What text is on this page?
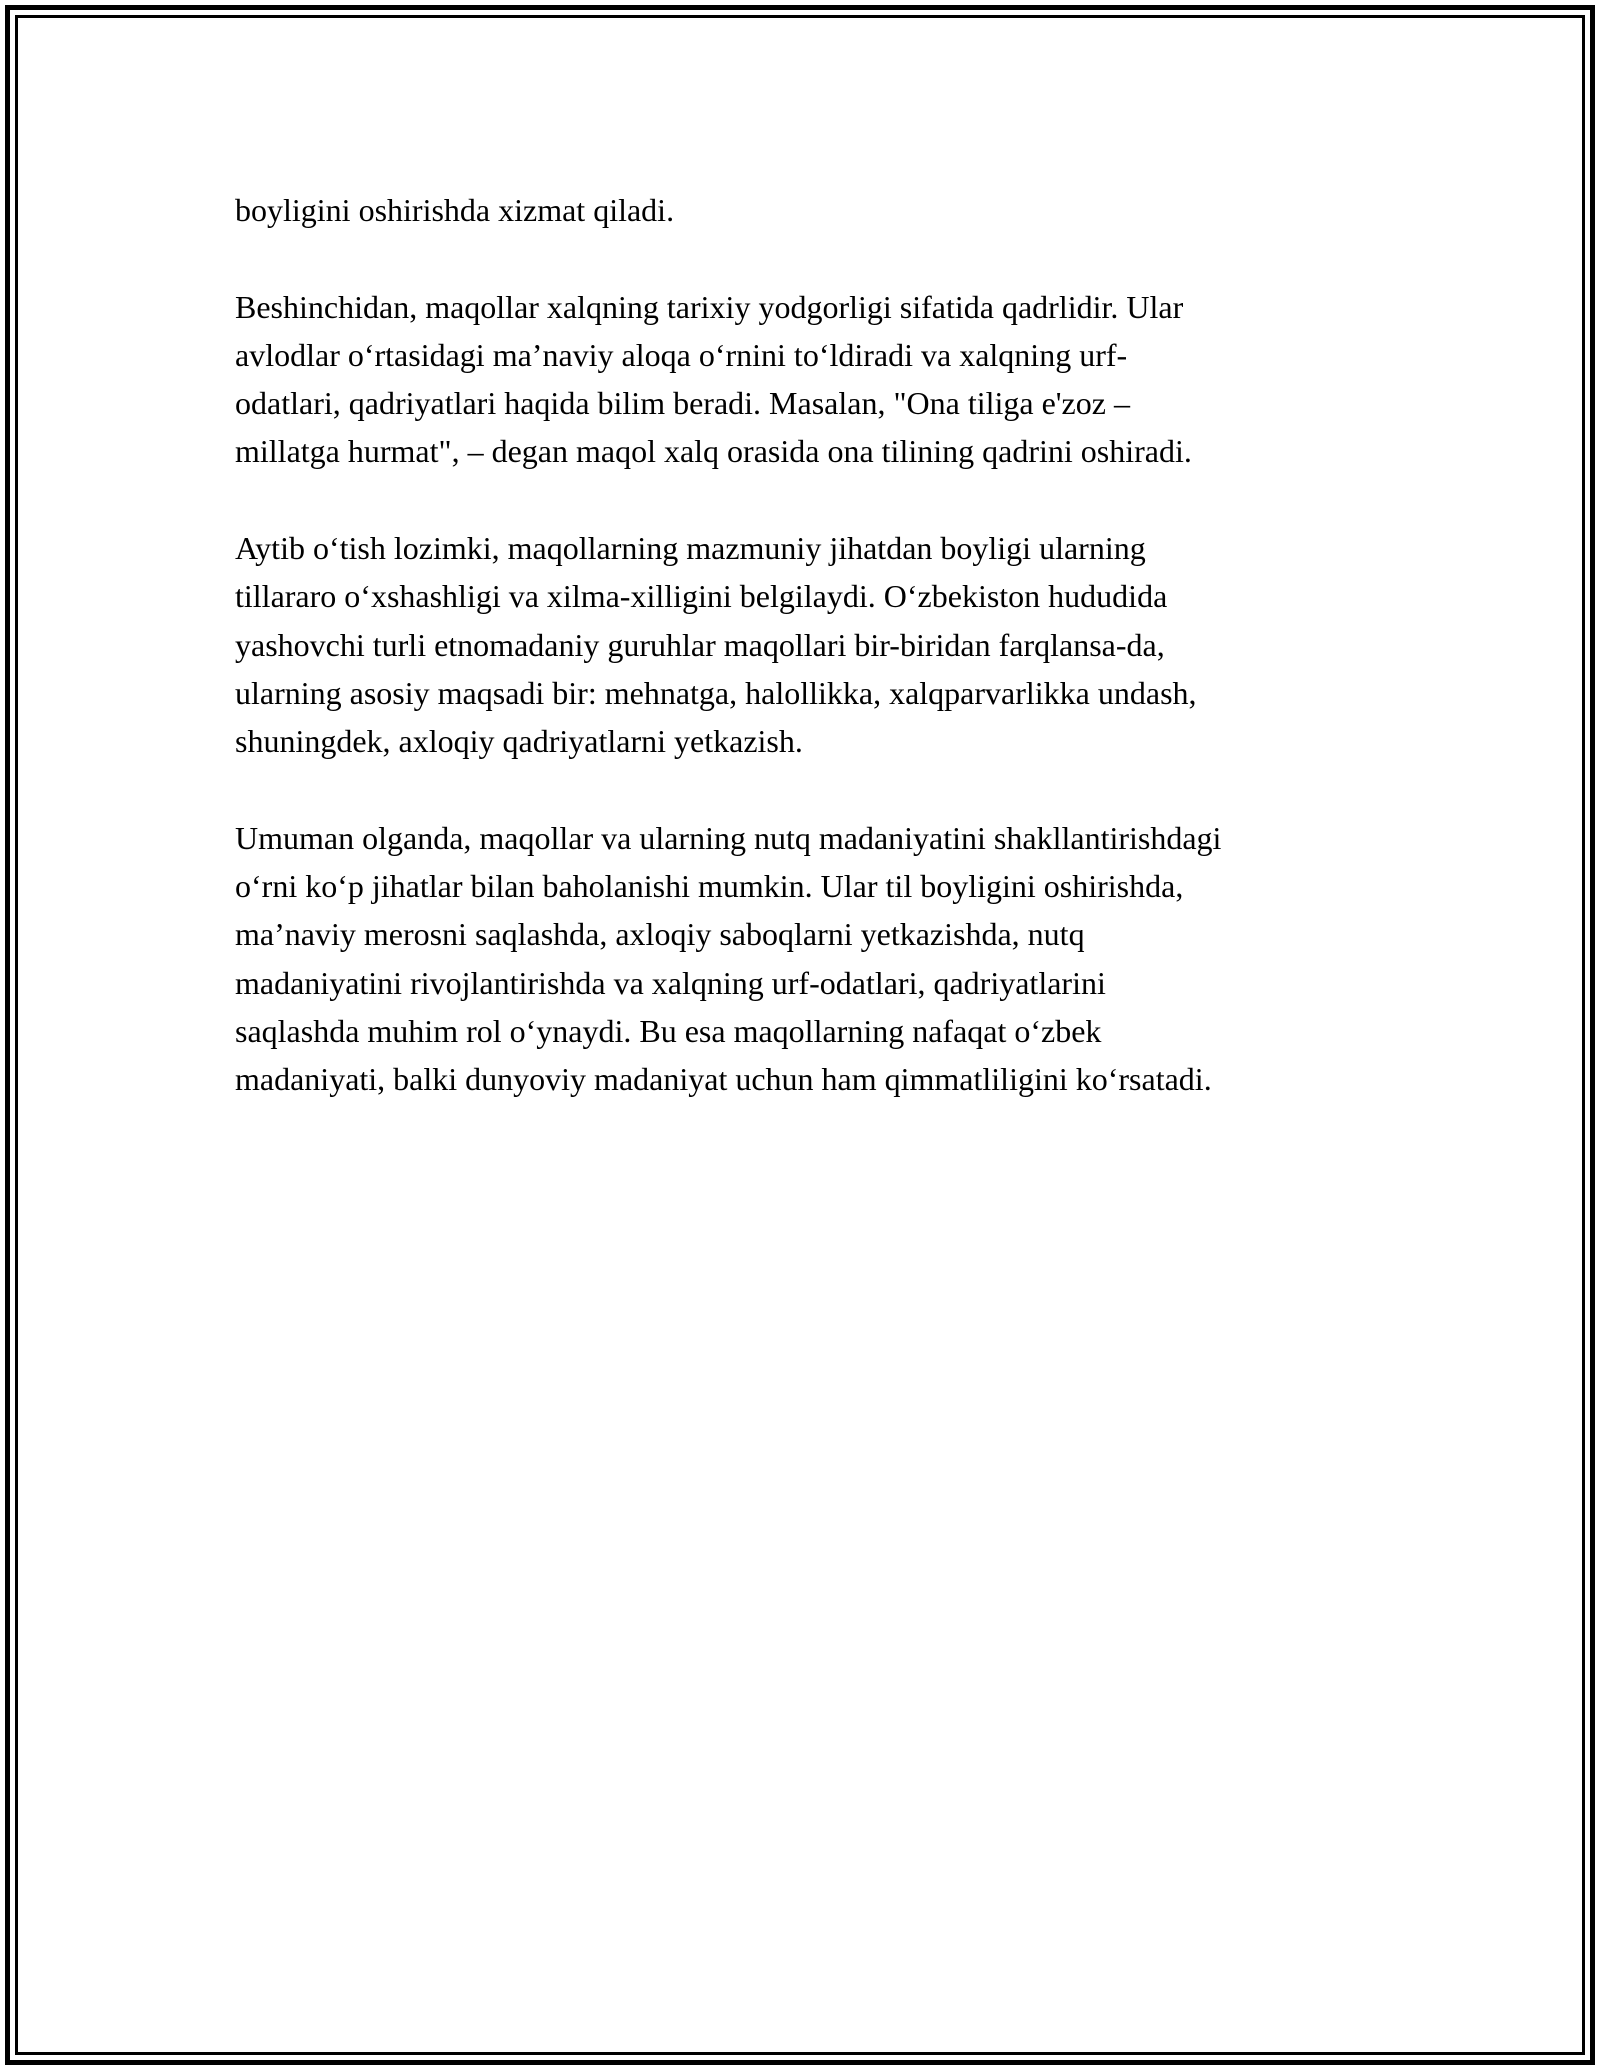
boyligini oshirishda xizmat qiladi.

Beshinchidan, maqollar xalqning tarixiy yodgorligi sifatida qadrlidir. Ular
avlodlar o‘rtasidagi ma’naviy aloqa o‘rnini to‘ldiradi va xalqning urf-
odatlari, qadriyatlari haqida bilim beradi. Masalan, "Ona tiliga e'zoz –
millatga hurmat", – degan maqol xalq orasida ona tilining qadrini oshiradi.

Aytib o‘tish lozimki, maqollarning mazmuniy jihatdan boyligi ularning
tillararo o‘xshashligi va xilma-xilligini belgilaydi. O‘zbekiston hududida
yashovchi turli etnomadaniy guruhlar maqollari bir-biridan farqlansa-da,
ularning asosiy maqsadi bir: mehnatga, halollikka, xalqparvarlikka undash,
shuningdek, axloqiy qadriyatlarni yetkazish.

Umuman olganda, maqollar va ularning nutq madaniyatini shakllantirishdagi
o‘rni ko‘p jihatlar bilan baholanishi mumkin. Ular til boyligini oshirishda,
ma’naviy merosni saqlashda, axloqiy saboqlarni yetkazishda, nutq
madaniyatini rivojlantirishda va xalqning urf-odatlari, qadriyatlarini
saqlashda muhim rol o‘ynaydi. Bu esa maqollarning nafaqat o‘zbek
madaniyati, balki dunyoviy madaniyat uchun ham qimmatliligini ko‘rsatadi.
